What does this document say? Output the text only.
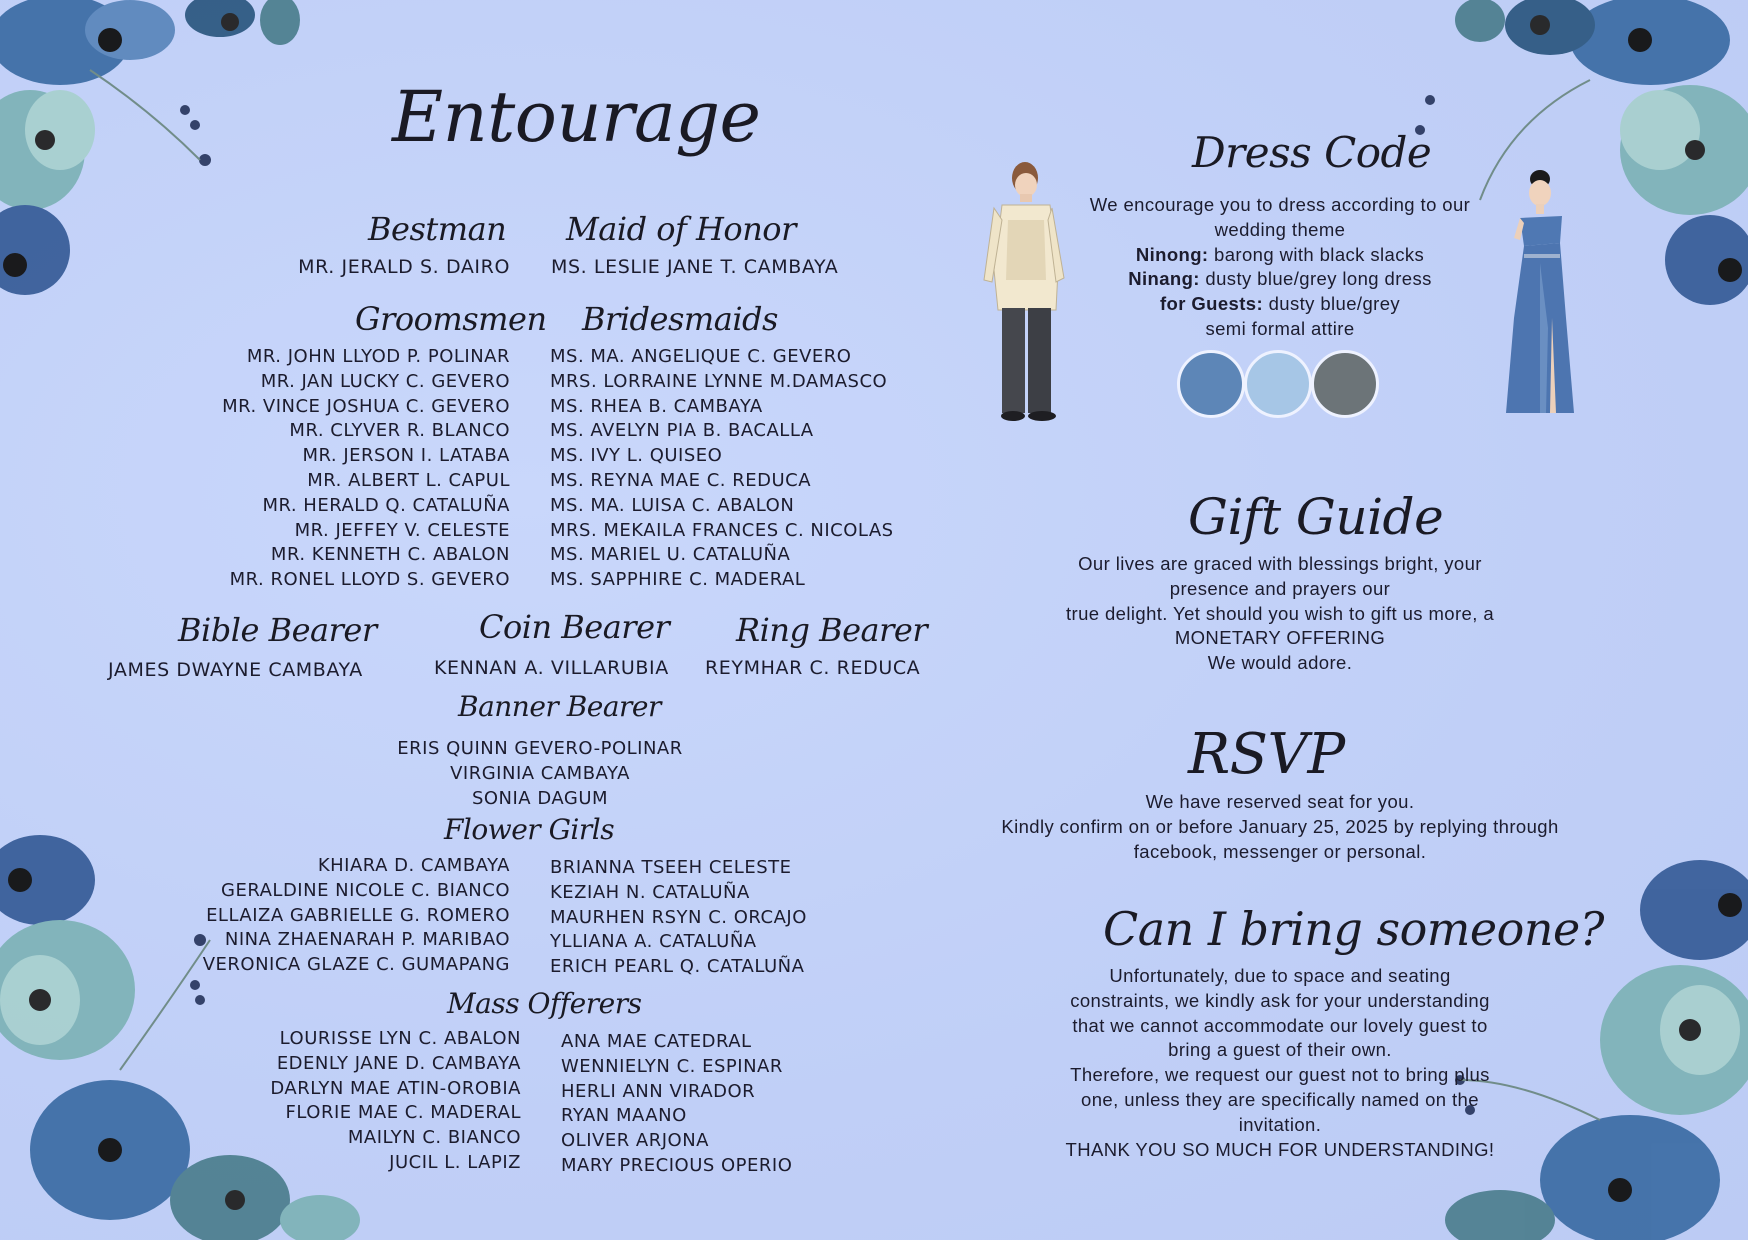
Entourage
Bestman
MR. JERALD S. DAIRO
Maid of Honor
MS. LESLIE JANE T. CAMBAYA
Groomsmen
MR. JOHN LLYOD P. POLINAR
MR. JAN LUCKY C. GEVERO
MR. VINCE JOSHUA C. GEVERO
MR. CLYVER R. BLANCO
MR. JERSON I. LATABA
MR. ALBERT L. CAPUL
MR. HERALD Q. CATALUÑA
MR. JEFFEY V. CELESTE
MR. KENNETH C. ABALON
MR. RONEL LLOYD S. GEVERO
Bridesmaids
MS. MA. ANGELIQUE C. GEVERO
MRS. LORRAINE LYNNE M.DAMASCO
MS. RHEA B. CAMBAYA
MS. AVELYN PIA B. BACALLA
MS. IVY L. QUISEO
MS. REYNA MAE C. REDUCA
MS. MA. LUISA C. ABALON
MRS. MEKAILA FRANCES C. NICOLAS
MS. MARIEL U. CATALUÑA
MS. SAPPHIRE C. MADERAL
Bible Bearer
JAMES DWAYNE CAMBAYA
Coin Bearer
KENNAN A. VILLARUBIA
Ring Bearer
REYMHAR C. REDUCA
Banner Bearer
ERIS QUINN GEVERO-POLINAR
VIRGINIA CAMBAYA
SONIA DAGUM
Flower Girls
KHIARA D. CAMBAYA
GERALDINE NICOLE C. BIANCO
ELLAIZA GABRIELLE G. ROMERO
NINA ZHAENARAH P. MARIBAO
VERONICA GLAZE C. GUMAPANG
BRIANNA TSEEH CELESTE
KEZIAH N. CATALUÑA
MAURHEN RSYN C. ORCAJO
YLLIANA A. CATALUÑA
ERICH PEARL Q. CATALUÑA
Mass Offerers
LOURISSE LYN C. ABALON
EDENLY JANE D. CAMBAYA
DARLYN MAE ATIN-OROBIA
FLORIE MAE C. MADERAL
MAILYN C. BIANCO
JUCIL L. LAPIZ
ANA MAE CATEDRAL
WENNIELYN C. ESPINAR
HERLI ANN VIRADOR
RYAN MAANO
OLIVER ARJONA
MARY PRECIOUS OPERIO
Dress Code
We encourage you to dress according to our
wedding theme
Ninong: barong with black slacks
Ninang: dusty blue/grey long dress
for Guests: dusty blue/grey
semi formal attire
Gift Guide
Our lives are graced with blessings bright, your
presence and prayers our
true delight. Yet should you wish to gift us more, a
MONETARY OFFERING
We would adore.
RSVP
We have reserved seat for you.
Kindly confirm on or before January 25, 2025 by replying through
facebook, messenger or personal.
Can I bring someone?
Unfortunately, due to space and seating
constraints, we kindly ask for your understanding
that we cannot accommodate our lovely guest to
bring a guest of their own.
Therefore, we request our guest not to bring plus
one, unless they are specifically named on the
invitation.
THANK YOU SO MUCH FOR UNDERSTANDING!
